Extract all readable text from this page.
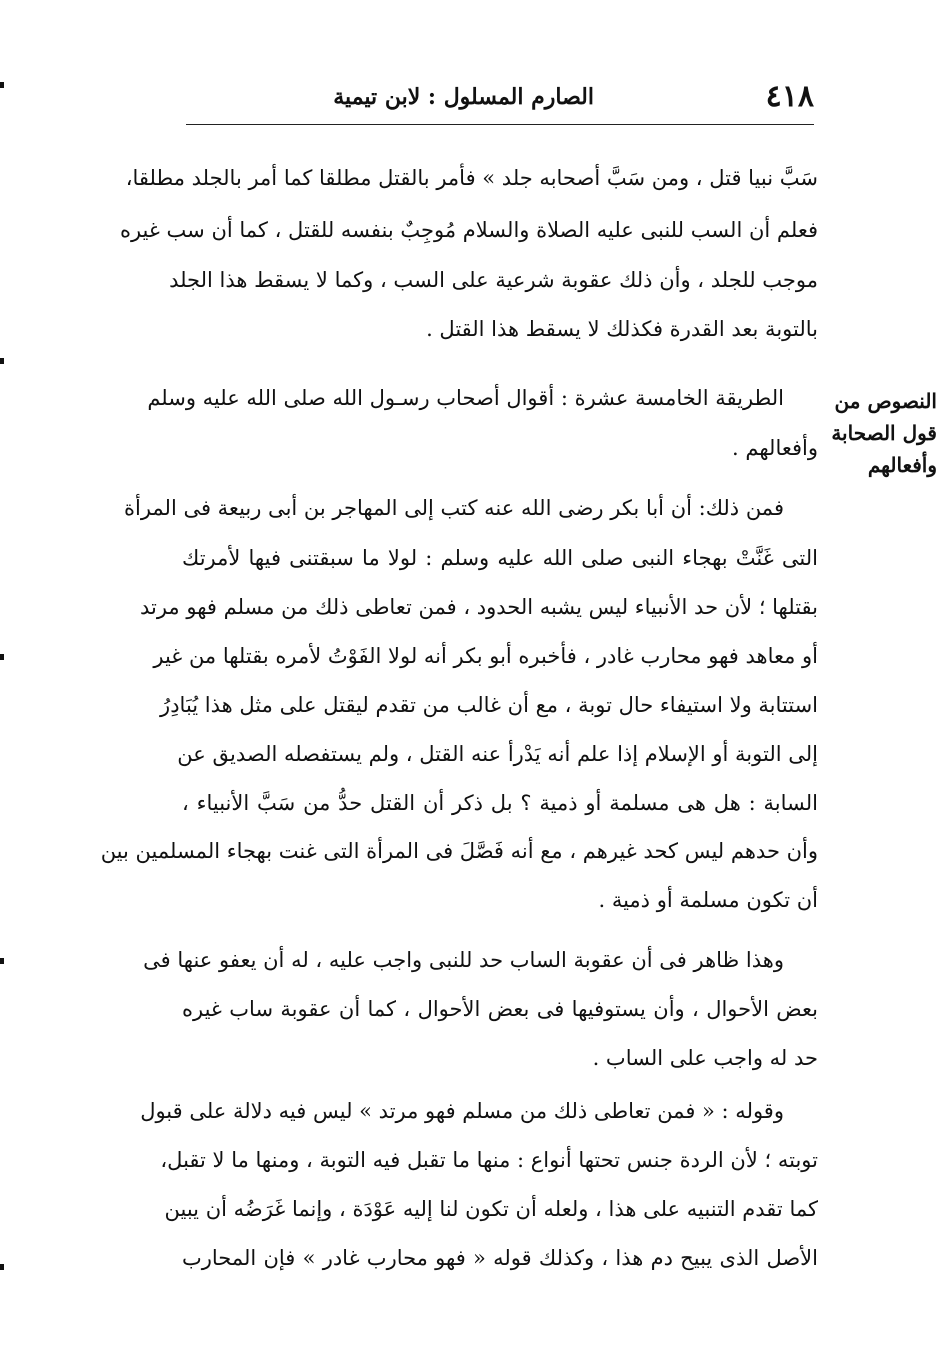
٤١٨
الصارم المسلول : لابن تيمية
النصوص من
قول الصحابة
وأفعالهم
سَبَّ نبيا قتل ، ومن سَبَّ أصحابه جلد » فأمر بالقتل مطلقا كما أمر بالجلد مطلقا،
فعلم أن السب للنبى عليه الصلاة والسلام مُوجِبٌ بنفسه للقتل ، كما أن سب غيره
موجب للجلد ، وأن ذلك عقوبة شرعية على السب ، وكما لا يسقط هذا الجلد
بالتوبة بعد القدرة فكذلك لا يسقط هذا القتل .
الطريقة الخامسة عشرة : أقوال أصحاب رسـول الله صلى الله عليه وسلم
وأفعالهم .
فمن ذلك: أن أبا بكر رضى الله عنه كتب إلى المهاجر بن أبى ربيعة فى المرأة
التى غَنَّتْ بهجاء النبى صلى الله عليه وسلم : لولا ما سبقتنى فيها لأمرتك
بقتلها ؛ لأن حد الأنبياء ليس يشبه الحدود ، فمن تعاطى ذلك من مسلم فهو مرتد
أو معاهد فهو محارب غادر ، فأخبره أبو بكر أنه لولا الفَوْتُ لأمره بقتلها من غير
استتابة ولا استيفاء حال توبة ، مع أن غالب من تقدم ليقتل على مثل هذا يُبَادِرُ
إلى التوبة أو الإسلام إذا علم أنه يَدْرأ عنه القتل ، ولم يستفصله الصديق عن
السابة : هل هى مسلمة أو ذمية ؟ بل ذكر أن القتل حدُّ من سَبَّ الأنبياء ،
وأن حدهم ليس كحد غيرهم ، مع أنه فَصَّلَ فى المرأة التى غنت بهجاء المسلمين بين
أن تكون مسلمة أو ذمية .
وهذا ظاهر فى أن عقوبة الساب حد للنبى واجب عليه ، له أن يعفو عنها فى
بعض الأحوال ، وأن يستوفيها فى بعض الأحوال ، كما أن عقوبة ساب غيره
حد له واجب على الساب .
وقوله : « فمن تعاطى ذلك من مسلم فهو مرتد » ليس فيه دلالة على قبول
توبته ؛ لأن الردة جنس تحتها أنواع : منها ما تقبل فيه التوبة ، ومنها ما لا تقبل،
كما تقدم التنبيه على هذا ، ولعله أن تكون لنا إليه عَوْدَة ، وإنما غَرَضُه أن يبين
الأصل الذى يبيح دم هذا ، وكذلك قوله « فهو محارب غادر » فإن المحارب
